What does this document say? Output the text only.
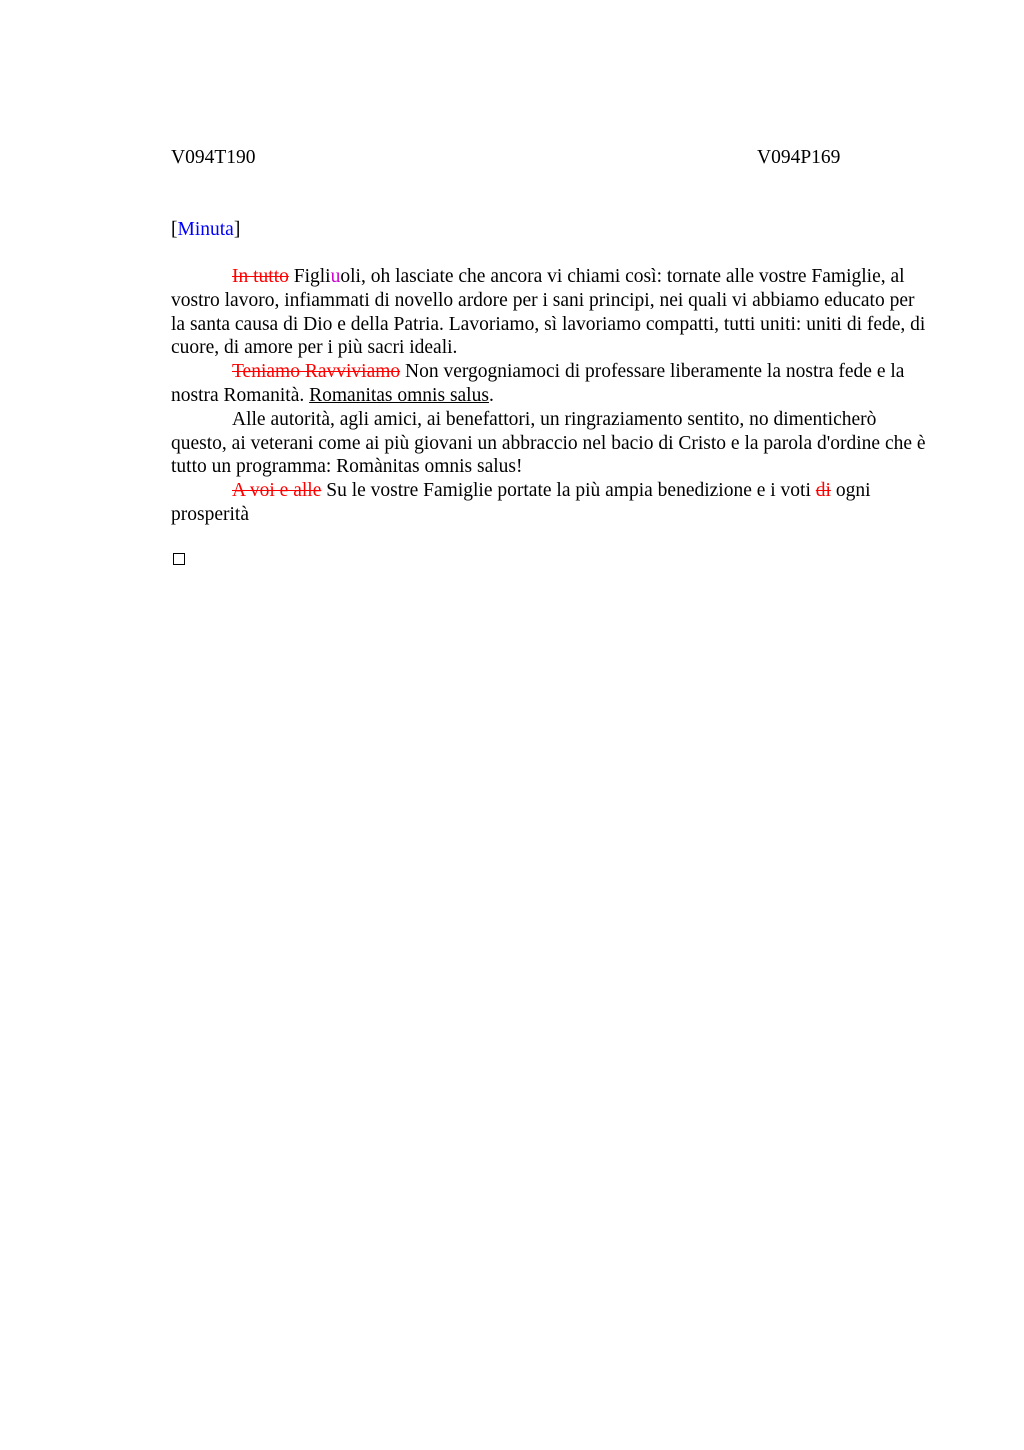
V094T190	V094P169
[Minuta]

In tutto Figliuoli, oh lasciate che ancora vi chiami così: tornate alle vostre Famiglie, al vostro lavoro, infiammati di novello ardore per i sani principi, nei quali vi abbiamo educato per la santa causa di Dio e della Patria. Lavoriamo, sì lavoriamo compatti, tutti uniti: uniti di fede, di cuore, di amore per i più sacri ideali.

Teniamo Ravviviamo Non vergogniamoci di professare liberamente la nostra fede e la nostra Romanità. Romanitas omnis salus.

Alle autorità, agli amici, ai benefattori, un ringraziamento sentito, no dimenticherò questo, ai veterani come ai più giovani un abbraccio nel bacio di Cristo e la parola d'ordine che è tutto un programma: Romànitas omnis salus!

A voi e alle Su le vostre Famiglie portate la più ampia benedizione e i voti di ogni prosperità
